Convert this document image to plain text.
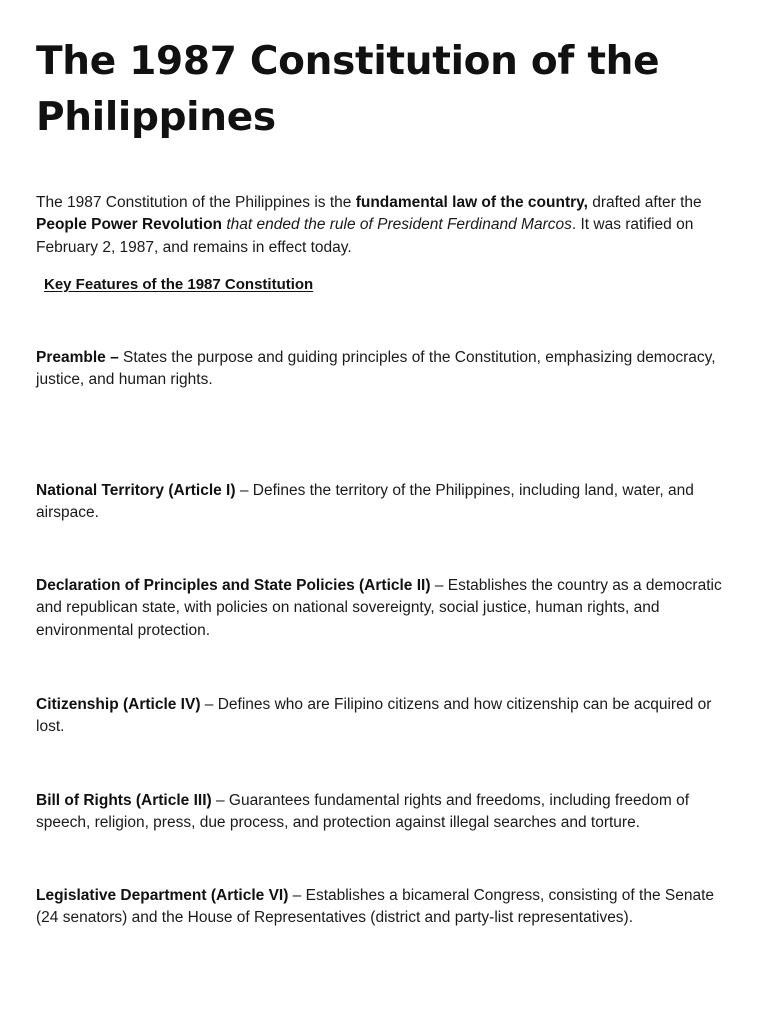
The 1987 Constitution of the Philippines

The 1987 Constitution of the Philippines is the fundamental law of the country, drafted after the People Power Revolution that ended the rule of President Ferdinand Marcos. It was ratified on February 2, 1987, and remains in effect today.

Key Features of the 1987 Constitution

Preamble – States the purpose and guiding principles of the Constitution, emphasizing democracy, justice, and human rights.

National Territory (Article I) – Defines the territory of the Philippines, including land, water, and airspace.

Declaration of Principles and State Policies (Article II) – Establishes the country as a democratic and republican state, with policies on national sovereignty, social justice, human rights, and environmental protection.

Citizenship (Article IV) – Defines who are Filipino citizens and how citizenship can be acquired or lost.

Bill of Rights (Article III) – Guarantees fundamental rights and freedoms, including freedom of speech, religion, press, due process, and protection against illegal searches and torture.

Legislative Department (Article VI) – Establishes a bicameral Congress, consisting of the Senate (24 senators) and the House of Representatives (district and party-list representatives).
